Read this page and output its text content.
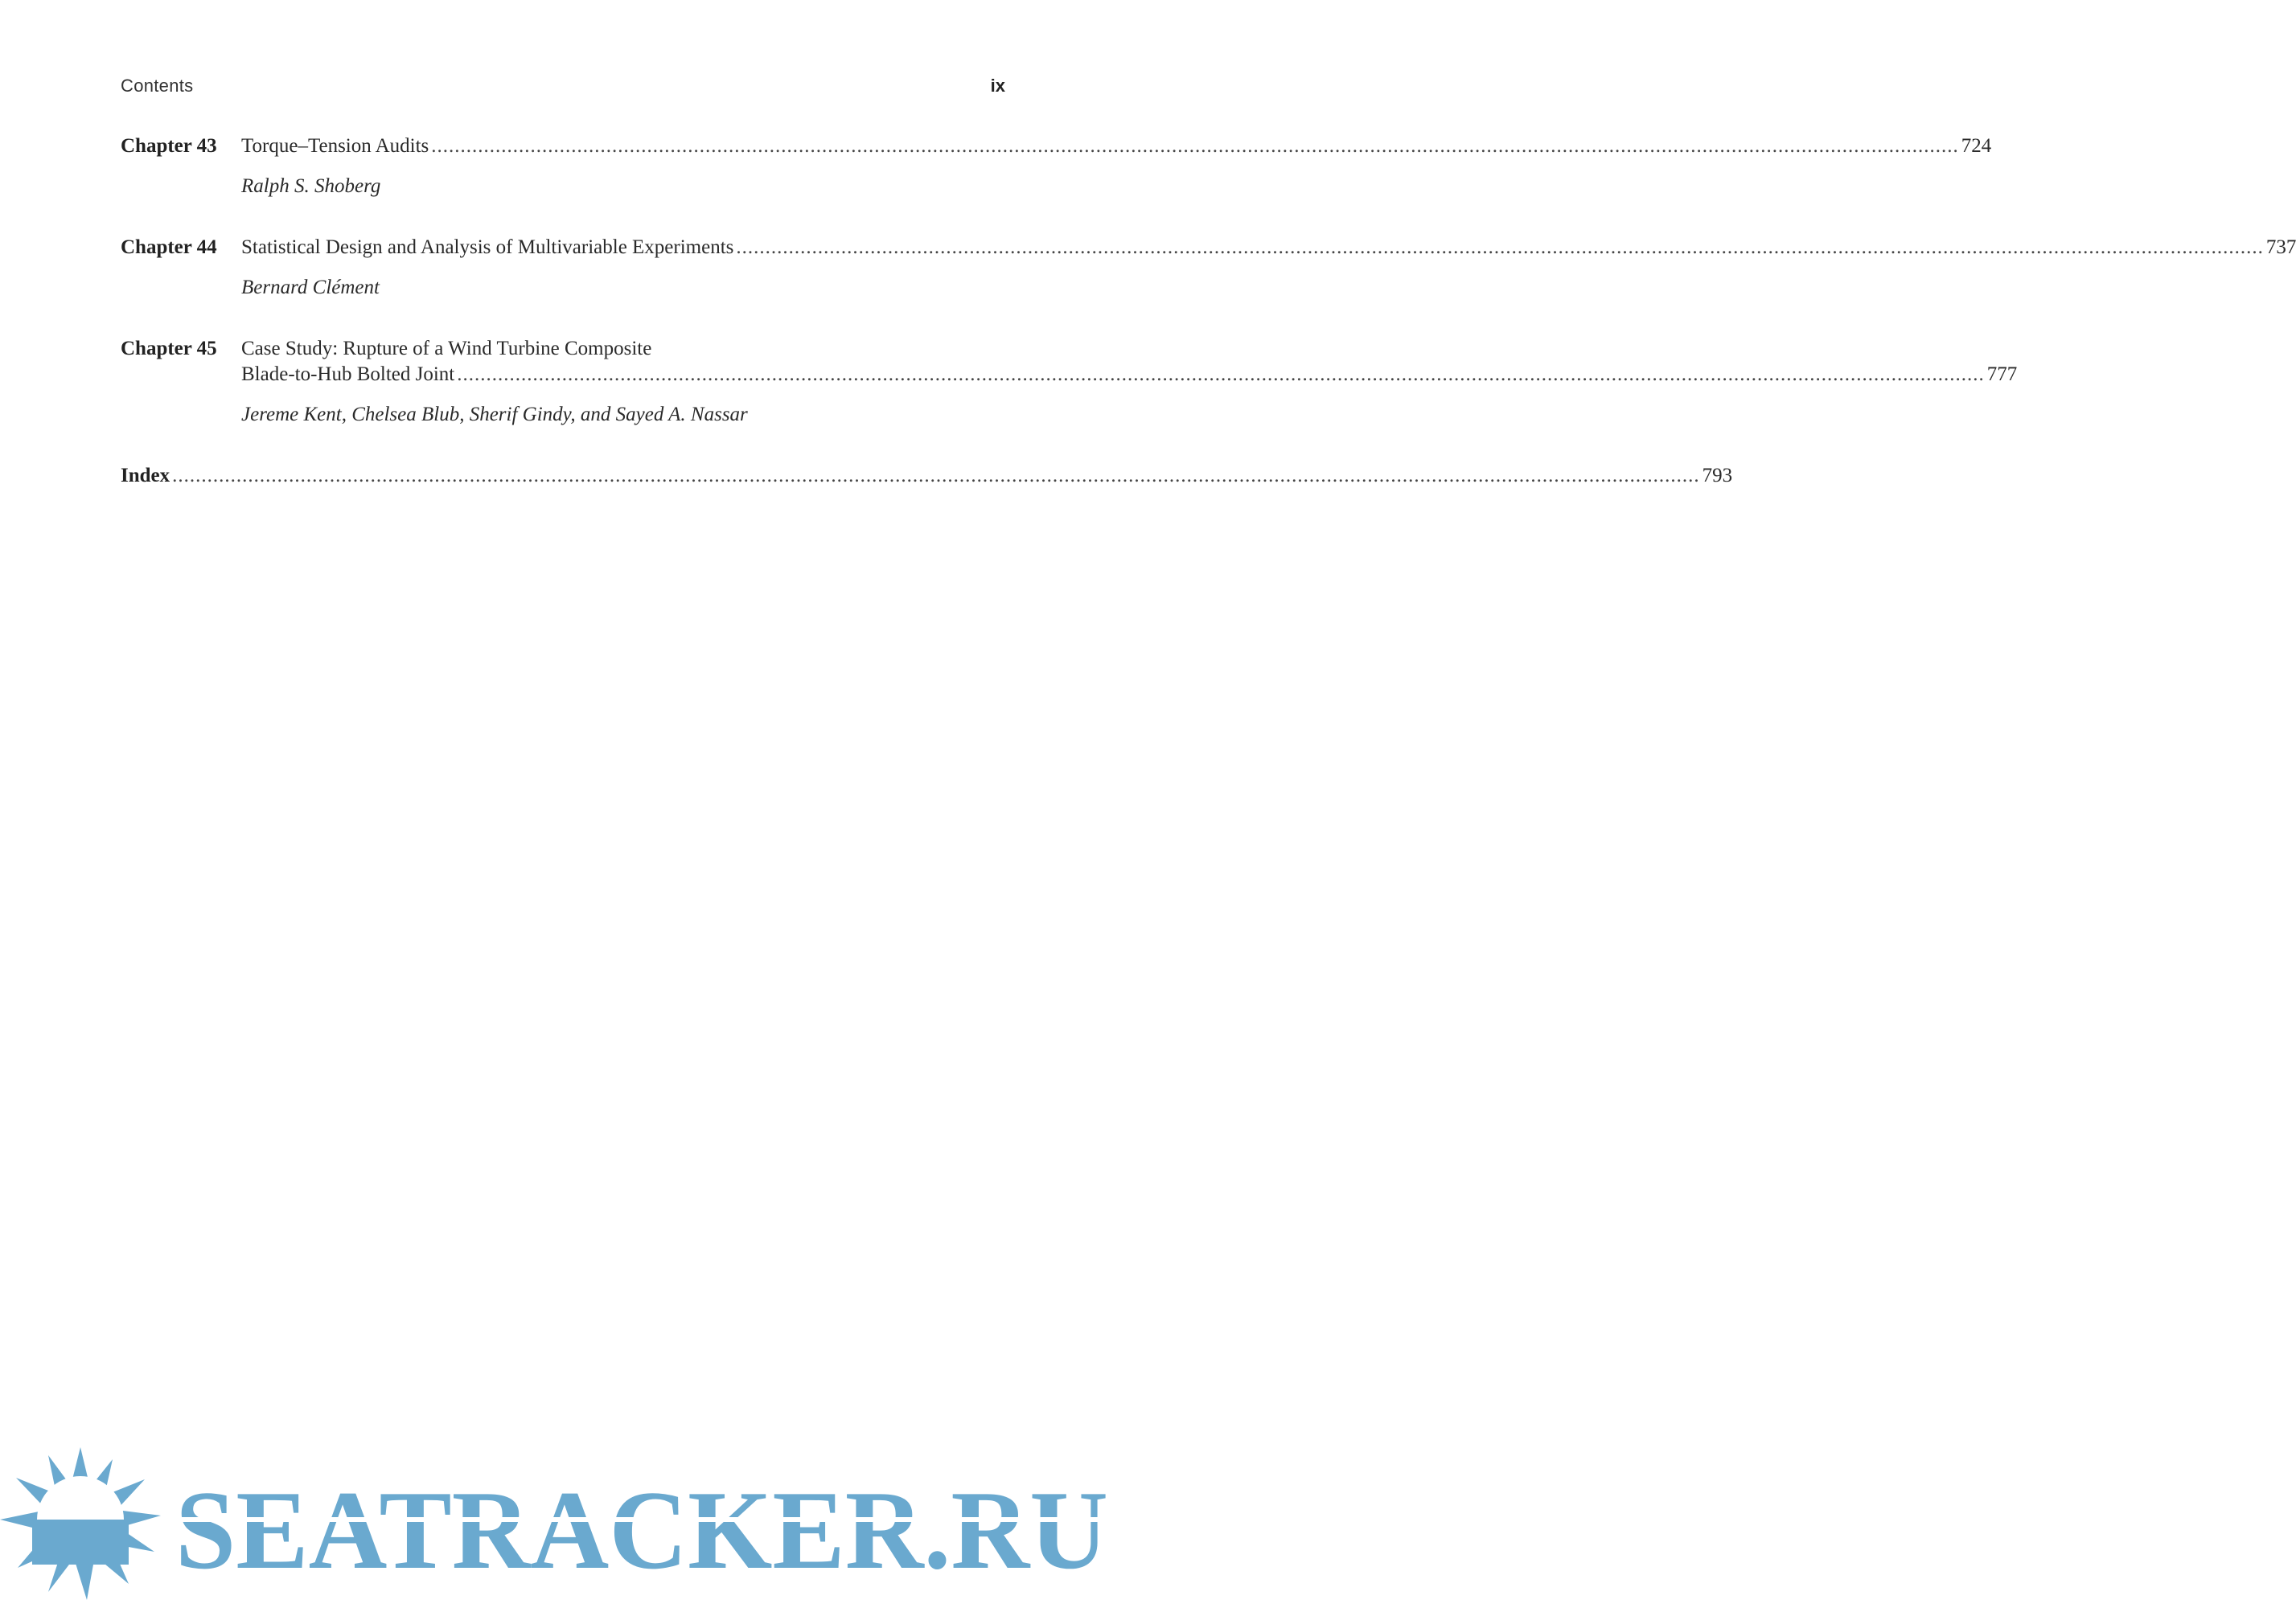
Contents	ix
Chapter 43	Torque–Tension Audits .....	724
Ralph S. Shoberg
Chapter 44	Statistical Design and Analysis of Multivariable Experiments .....	737
Bernard Clément
Chapter 45	Case Study: Rupture of a Wind Turbine Composite
Blade-to-Hub Bolted Joint .....	777
Jereme Kent, Chelsea Blub, Sherif Gindy, and Sayed A. Nassar
Index .....	793
SEATRACKER.RU
